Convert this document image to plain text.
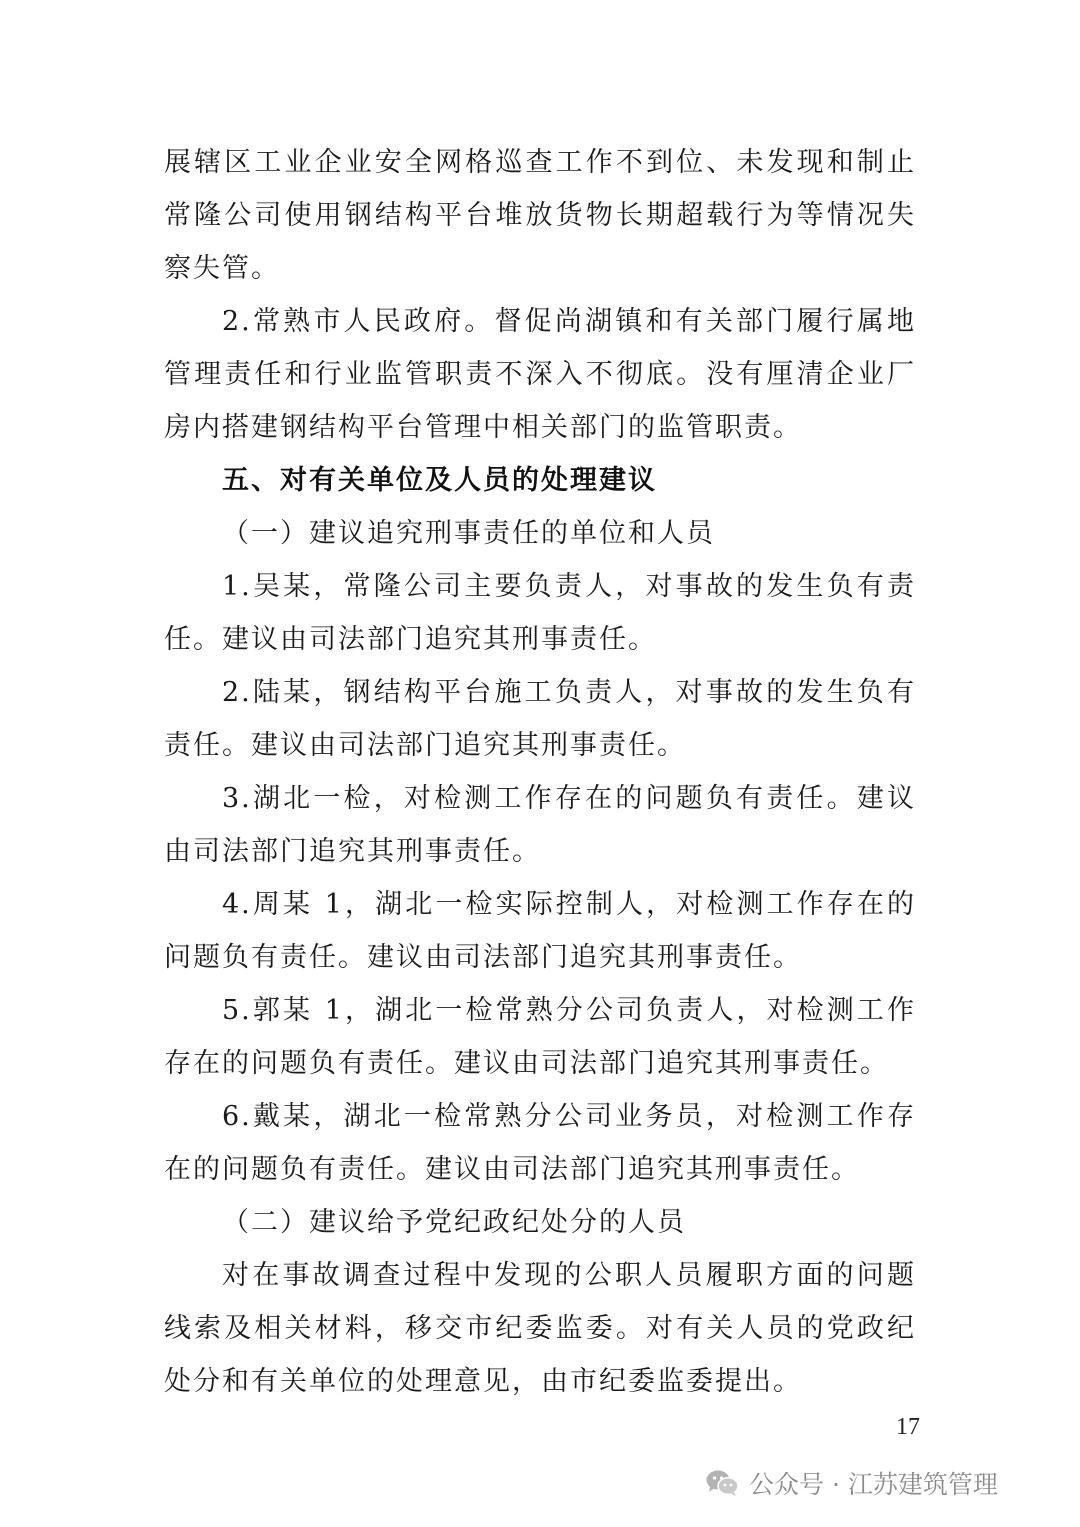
展辖区工业企业安全网格巡查工作不到位、未发现和制止常隆公司使用钢结构平台堆放货物长期超载行为等情况失察失管。

2.常熟市人民政府。督促尚湖镇和有关部门履行属地管理责任和行业监管职责不深入不彻底。没有厘清企业厂房内搭建钢结构平台管理中相关部门的监管职责。

五、对有关单位及人员的处理建议
（一）建议追究刑事责任的单位和人员

1.吴某，常隆公司主要负责人，对事故的发生负有责任。建议由司法部门追究其刑事责任。

2.陆某，钢结构平台施工负责人，对事故的发生负有责任。建议由司法部门追究其刑事责任。

3.湖北一检，对检测工作存在的问题负有责任。建议由司法部门追究其刑事责任。

4.周某 1，湖北一检实际控制人，对检测工作存在的问题负有责任。建议由司法部门追究其刑事责任。

5.郭某 1，湖北一检常熟分公司负责人，对检测工作存在的问题负有责任。建议由司法部门追究其刑事责任。

6.戴某，湖北一检常熟分公司业务员，对检测工作存在的问题负有责任。建议由司法部门追究其刑事责任。

（二）建议给予党纪政纪处分的人员

对在事故调查过程中发现的公职人员履职方面的问题线索及相关材料，移交市纪委监委。对有关人员的党政纪处分和有关单位的处理意见，由市纪委监委提出。

17
公众号 · 江苏建筑管理
